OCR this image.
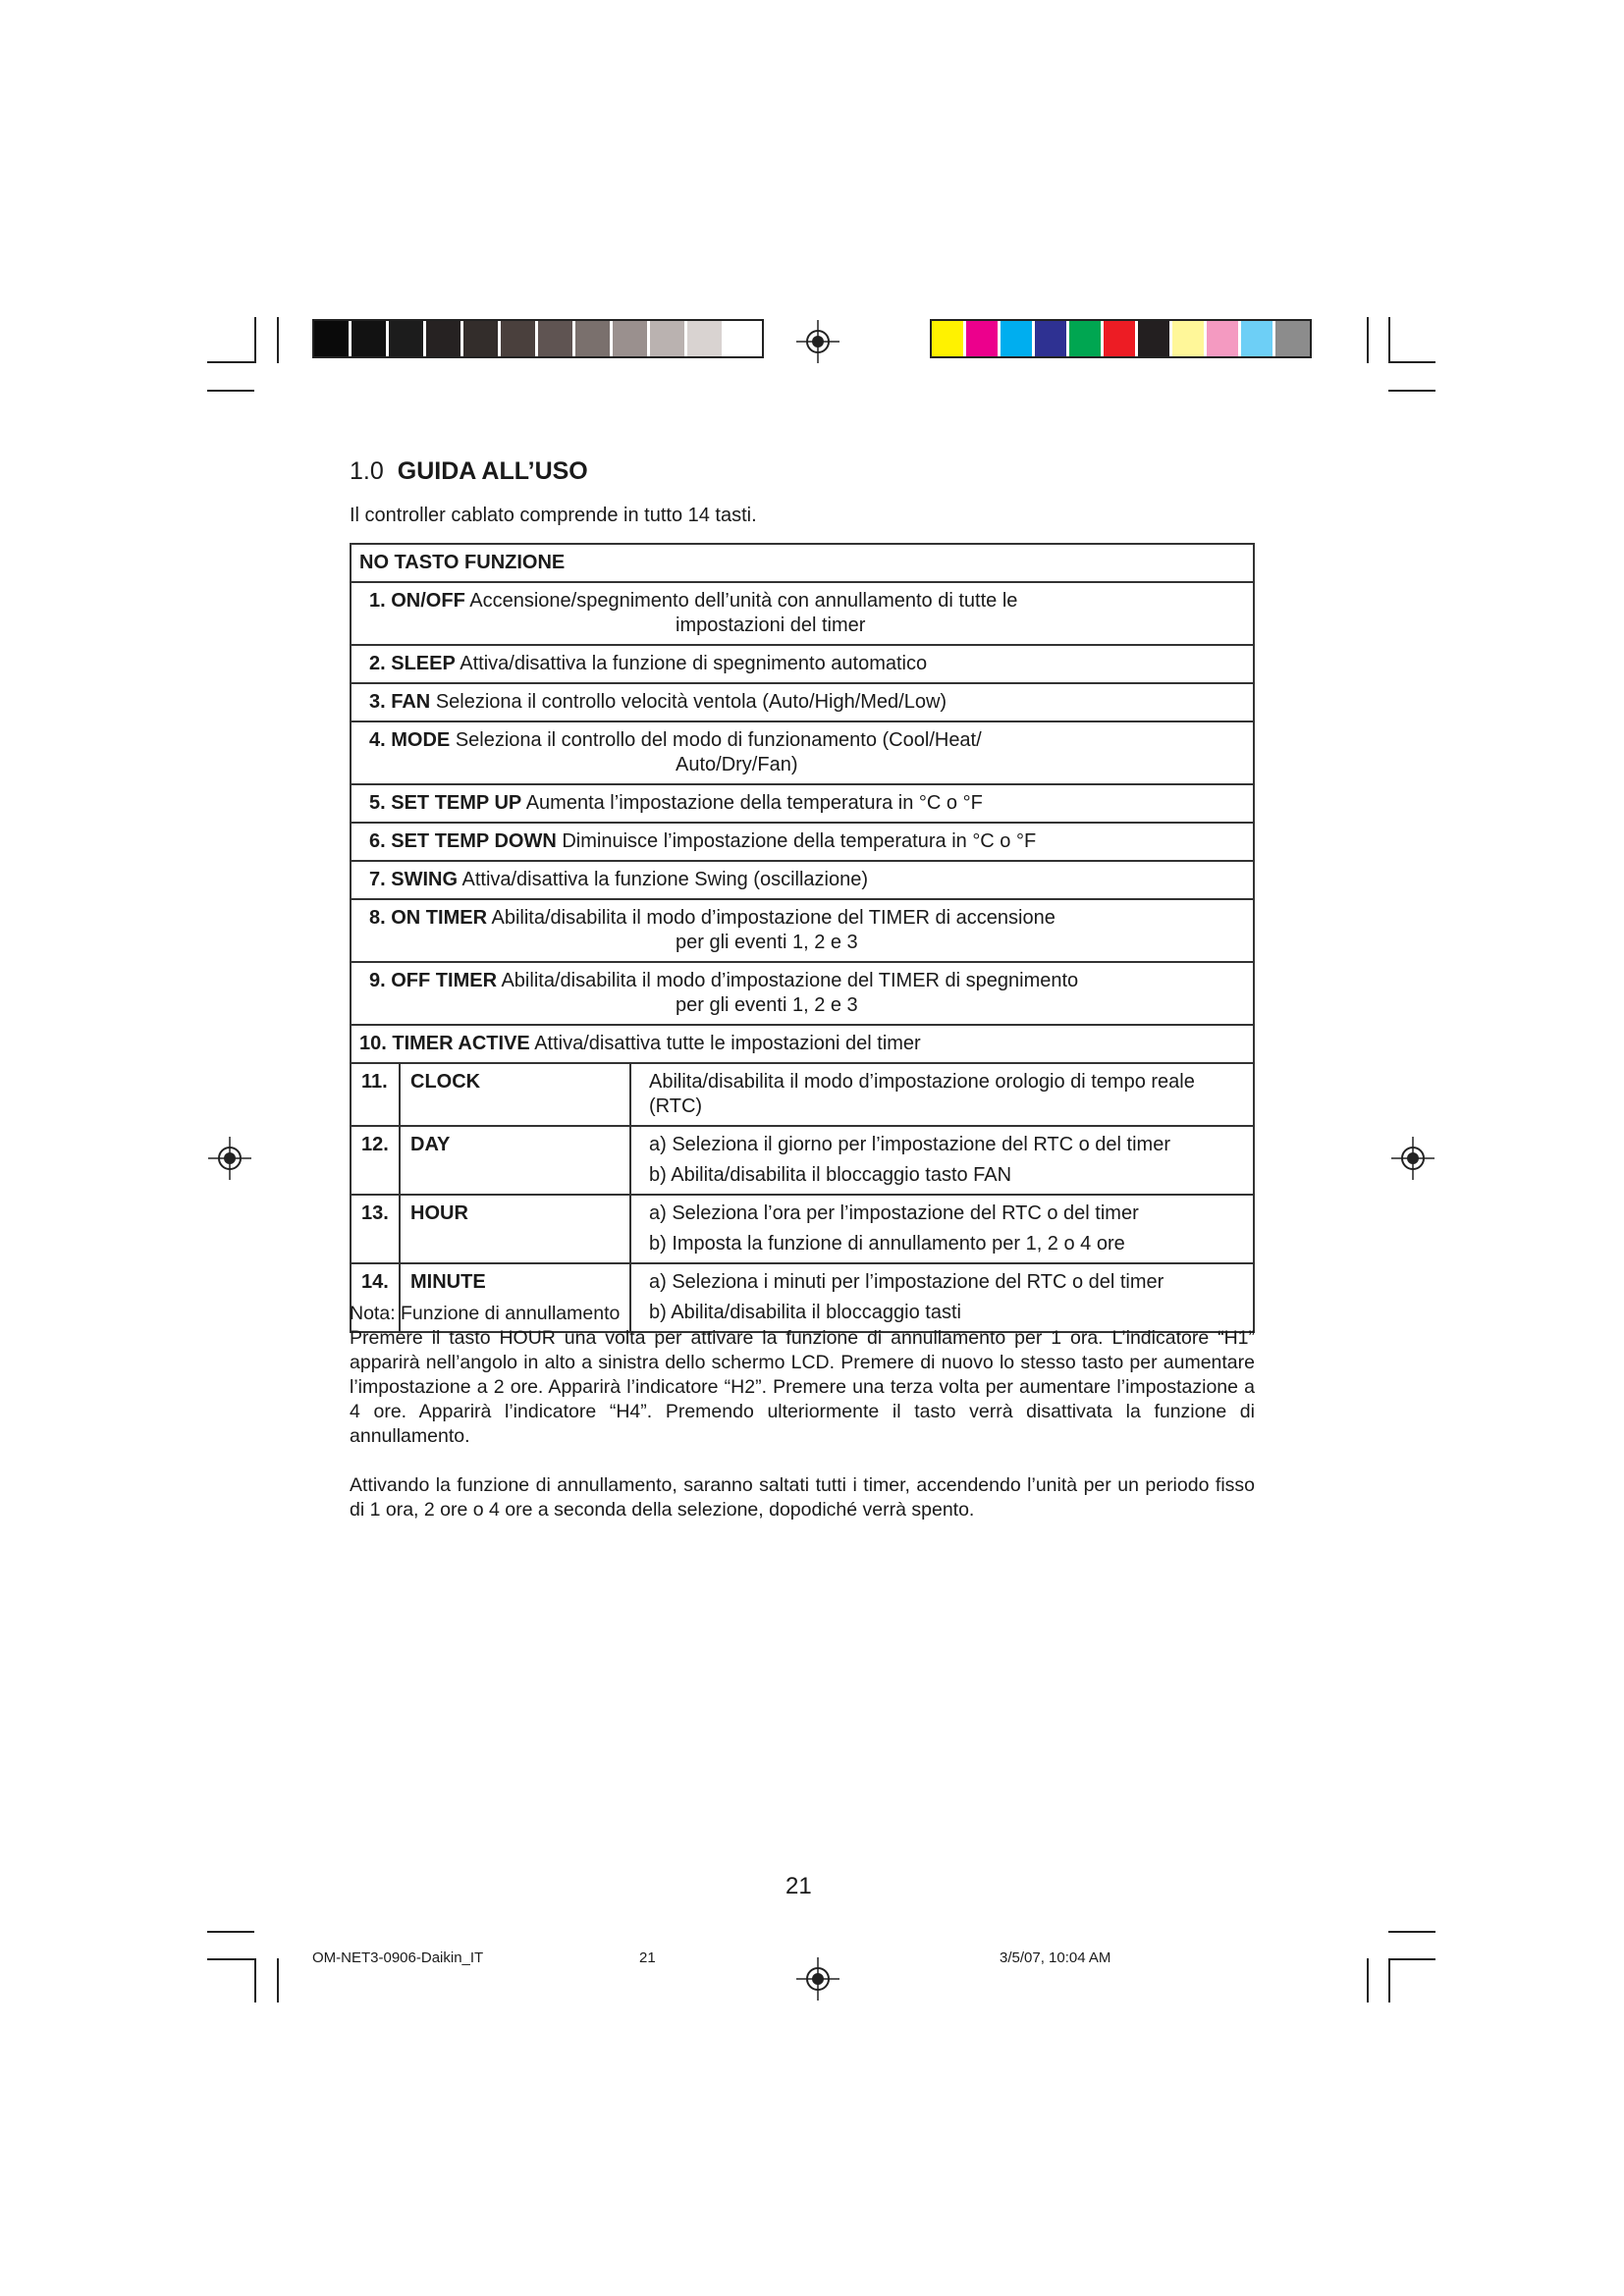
1.0 GUIDA ALL’USO
Il controller cablato comprende in tutto 14 tasti.
NO TASTO FUNZIONE		
1. ON/OFF Accensione/spegnimento dell’unità con annullamento di tutte le
impostazioni del timer		

2. SLEEP Attiva/disattiva la funzione di spegnimento automatico		
3. FAN Seleziona il controllo velocità ventola (Auto/High/Med/Low)		
4. MODE Seleziona il controllo del modo di funzionamento (Cool/Heat/
Auto/Dry/Fan)		

5. SET TEMP UP Aumenta l’impostazione della temperatura in °C o °F		
6. SET TEMP DOWN Diminuisce l’impostazione della temperatura in °C o °F		
7. SWING Attiva/disattiva la funzione Swing (oscillazione)		
8. ON TIMER Abilita/disabilita il modo d’impostazione del TIMER di accensione
per gli eventi 1, 2 e 3		

9. OFF TIMER Abilita/disabilita il modo d’impostazione del TIMER di spegnimento
per gli eventi 1, 2 e 3		

10. TIMER ACTIVE Attiva/disattiva tutte le impostazioni del timer		
11.	CLOCK	Abilita/disabilita il modo d’impostazione orologio di tempo reale (RTC)

12.	DAY	a) Seleziona il giorno per l’impostazione del RTC o del timer
b) Abilita/disabilita il bloccaggio tasto FAN

13.	HOUR	a) Seleziona l’ora per l’impostazione del RTC o del timer
b) Imposta la funzione di annullamento per 1, 2 o 4 ore

14.	MINUTE	a) Seleziona i minuti per l’impostazione del RTC o del timer
b) Abilita/disabilita il bloccaggio tasti
Nota: Funzione di annullamento

Premere il tasto HOUR una volta per attivare la funzione di annullamento per 1 ora. L’indicatore “H1” apparirà nell’angolo in alto a sinistra dello schermo LCD. Premere di nuovo lo stesso tasto per aumentare l’impostazione a 2 ore. Apparirà l’indicatore “H2”. Premere una terza volta per aumentare l’impostazione a 4 ore. Apparirà l’indicatore “H4”. Premendo ulteriormente il tasto verrà disattivata la funzione di annullamento.

Attivando la funzione di annullamento, saranno saltati tutti i timer, accendendo l’unità per un periodo fisso di 1 ora, 2 ore o 4 ore a seconda della selezione, dopodiché verrà spento.

21
OM-NET3-0906-Daikin_IT	21	3/5/07, 10:04 AM
